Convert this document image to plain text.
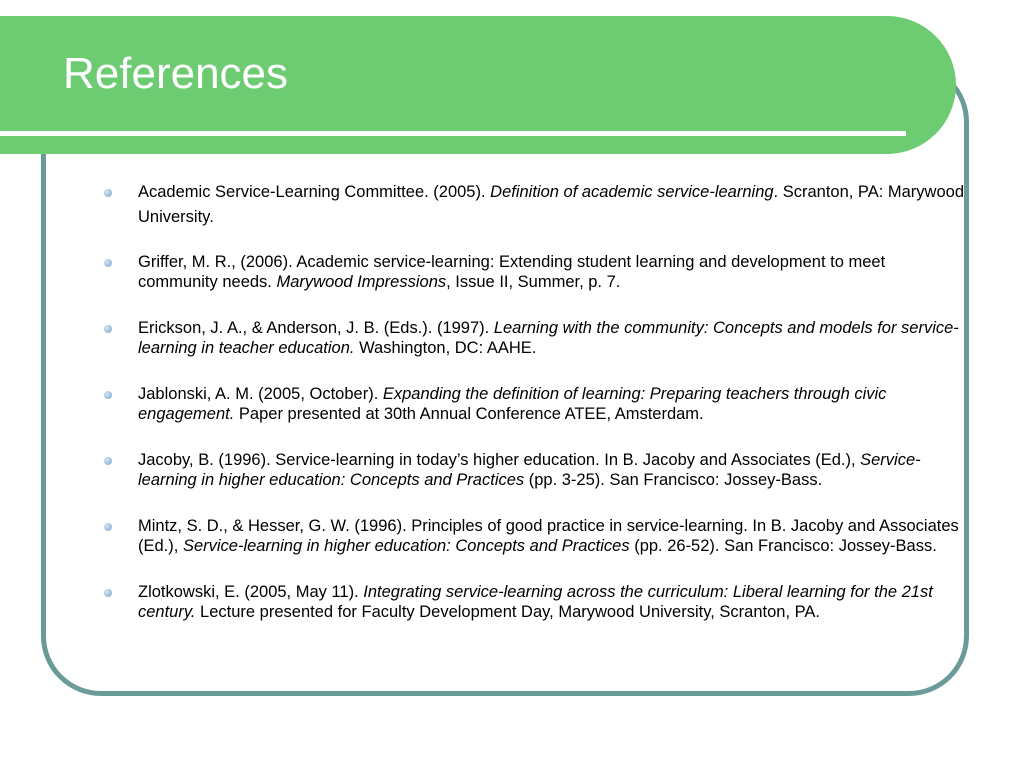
References
Academic Service-Learning Committee. (2005). Definition of academic service-learning. Scranton, PA: Marywood University.
Griffer, M. R., (2006). Academic service-learning: Extending student learning and development to meet community needs. Marywood Impressions, Issue II, Summer, p. 7.
Erickson, J. A., & Anderson, J. B. (Eds.). (1997). Learning with the community: Concepts and models for service-learning in teacher education. Washington, DC: AAHE.
Jablonski, A. M. (2005, October). Expanding the definition of learning: Preparing teachers through civic engagement. Paper presented at 30th Annual Conference ATEE, Amsterdam.
Jacoby, B. (1996). Service-learning in today’s higher education. In B. Jacoby and Associates (Ed.), Service-learning in higher education: Concepts and Practices (pp. 3-25). San Francisco: Jossey-Bass.
Mintz, S. D., & Hesser, G. W. (1996). Principles of good practice in service-learning. In B. Jacoby and Associates (Ed.), Service-learning in higher education: Concepts and Practices (pp. 26-52). San Francisco: Jossey-Bass.
Zlotkowski, E. (2005, May 11). Integrating service-learning across the curriculum: Liberal learning for the 21st century. Lecture presented for Faculty Development Day, Marywood University, Scranton, PA.
